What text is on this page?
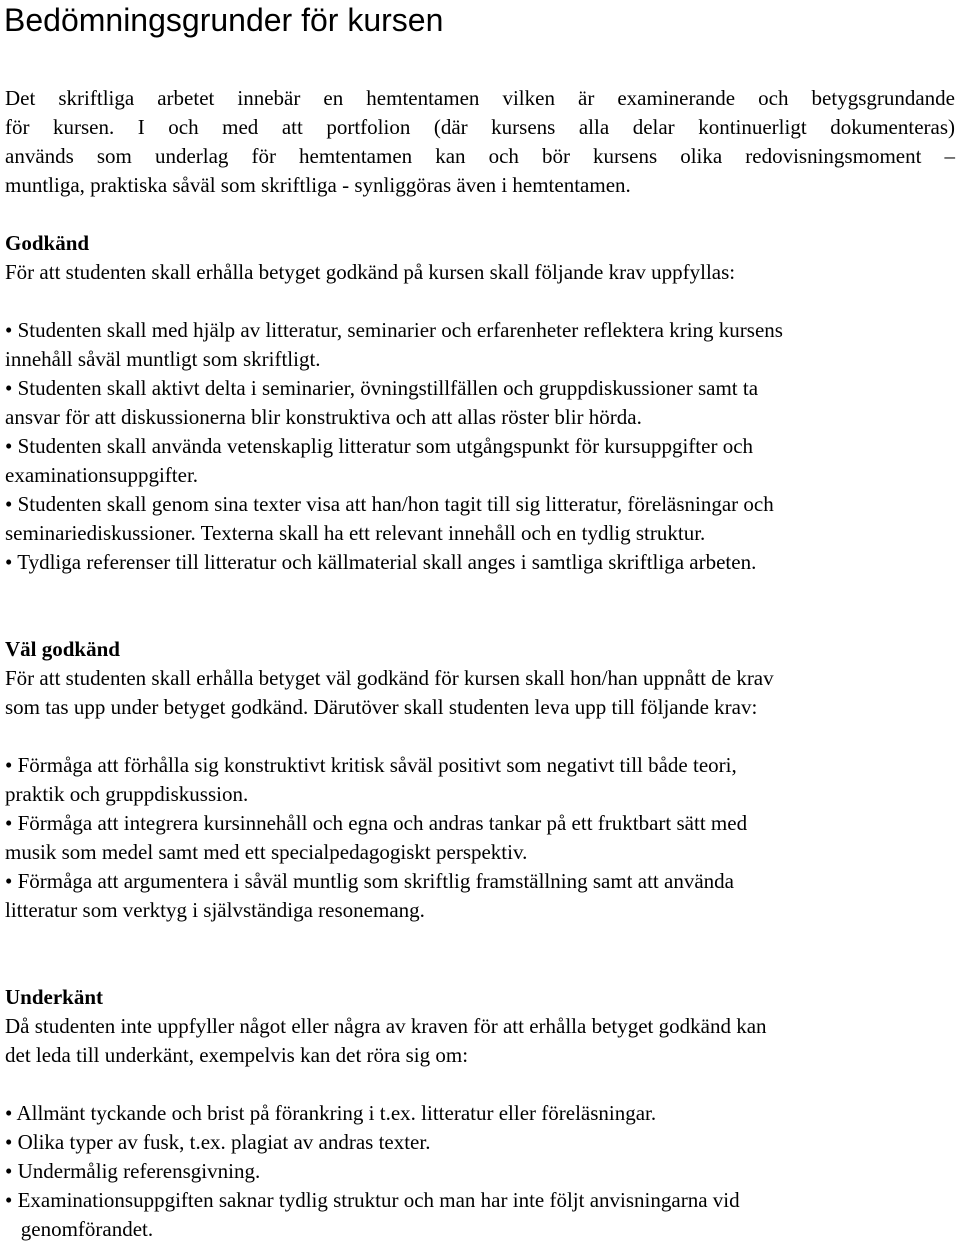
Bedömningsgrunder för kursen

Det skriftliga arbetet innebär en hemtentamen vilken är examinerande och betygsgrundande

för kursen. I och med att portfolion (där kursens alla delar kontinuerligt dokumenteras)

används som underlag för hemtentamen kan och bör kursens olika redovisningsmoment –

muntliga, praktiska såväl som skriftliga - synliggöras även i hemtentamen.

Godkänd

För att studenten skall erhålla betyget godkänd på kursen skall följande krav uppfyllas:

• Studenten skall med hjälp av litteratur, seminarier och erfarenheter reflektera kring kursens

innehåll såväl muntligt som skriftligt.

• Studenten skall aktivt delta i seminarier, övningstillfällen och gruppdiskussioner samt ta

ansvar för att diskussionerna blir konstruktiva och att allas röster blir hörda.

• Studenten skall använda vetenskaplig litteratur som utgångspunkt för kursuppgifter och

examinationsuppgifter.

• Studenten skall genom sina texter visa att han/hon tagit till sig litteratur, föreläsningar och

seminariediskussioner. Texterna skall ha ett relevant innehåll och en tydlig struktur.

• Tydliga referenser till litteratur och källmaterial skall anges i samtliga skriftliga arbeten.

Väl godkänd

För att studenten skall erhålla betyget väl godkänd för kursen skall hon/han uppnått de krav

som tas upp under betyget godkänd. Därutöver skall studenten leva upp till följande krav:

• Förmåga att förhålla sig konstruktivt kritisk såväl positivt som negativt till både teori,

praktik och gruppdiskussion.

• Förmåga att integrera kursinnehåll och egna och andras tankar på ett fruktbart sätt med

musik som medel samt med ett specialpedagogiskt perspektiv.

• Förmåga att argumentera i såväl muntlig som skriftlig framställning samt att använda

litteratur som verktyg i självständiga resonemang.

Underkänt

Då studenten inte uppfyller något eller några av kraven för att erhålla betyget godkänd kan

det leda till underkänt, exempelvis kan det röra sig om:

• Allmänt tyckande och brist på förankring i t.ex. litteratur eller föreläsningar.

• Olika typer av fusk, t.ex. plagiat av andras texter.

• Undermålig referensgivning.

• Examinationsuppgiften saknar tydlig struktur och man har inte följt anvisningarna vid

genomförandet.
